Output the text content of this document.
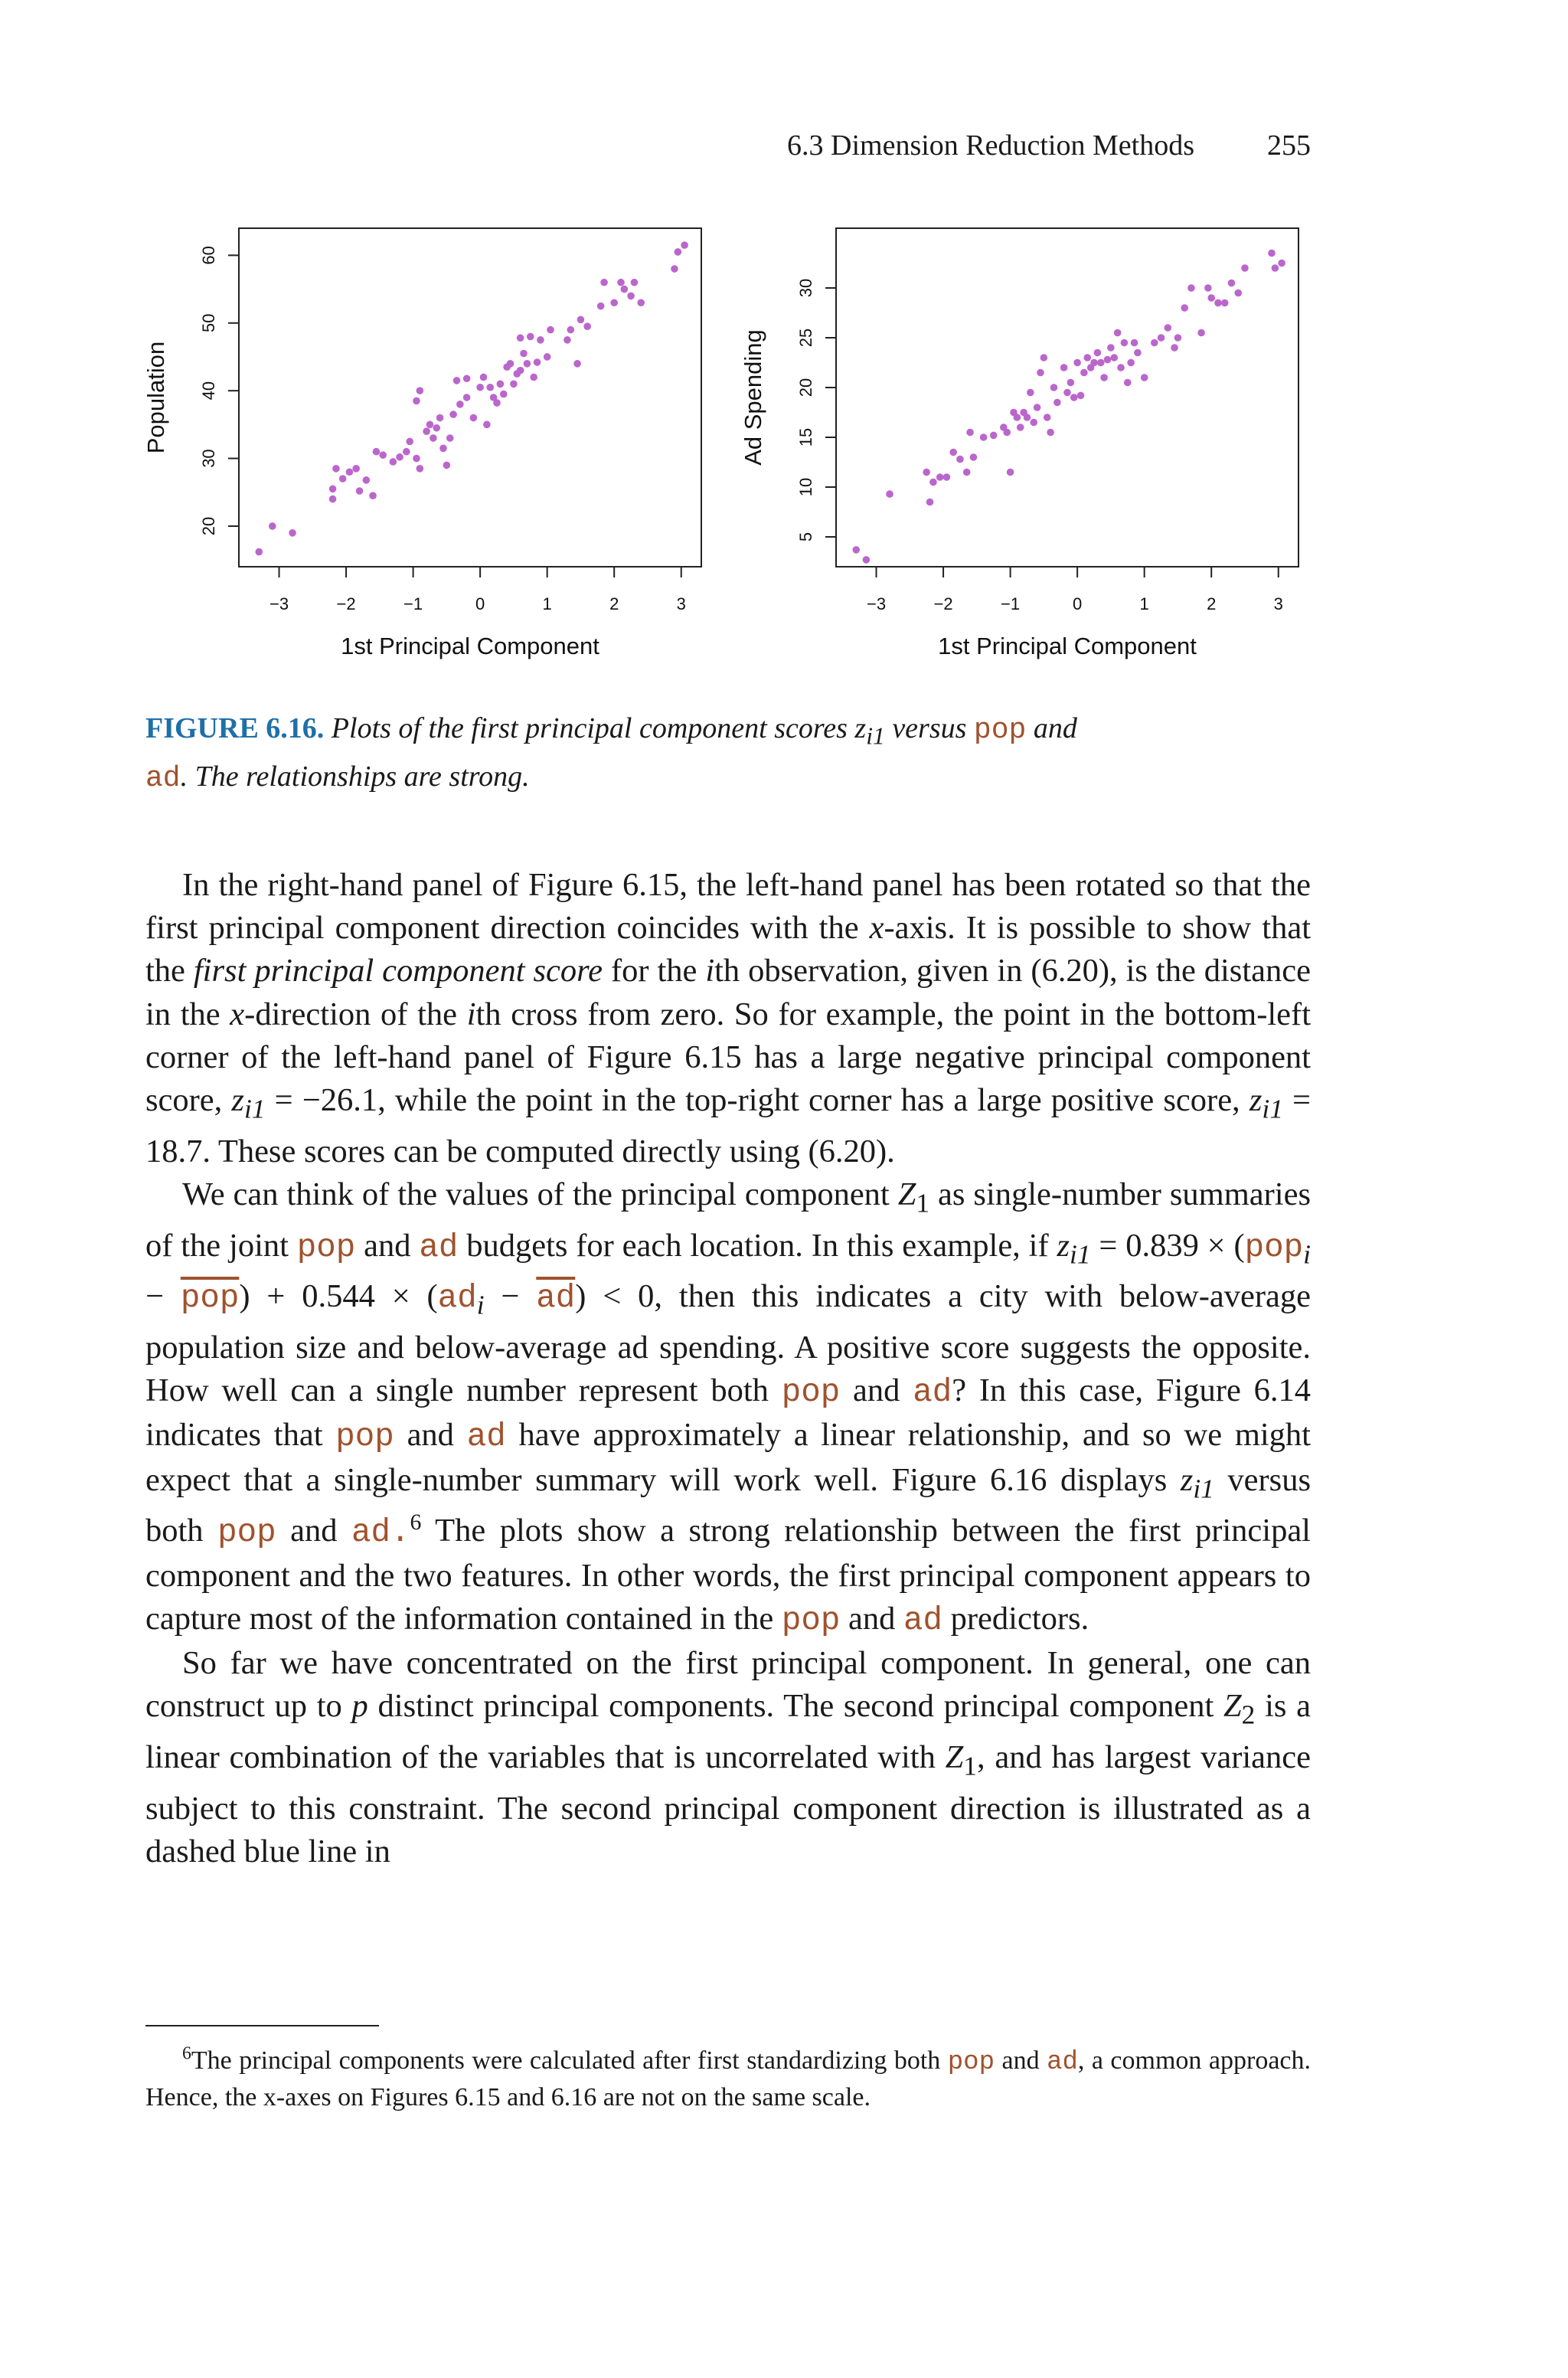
6.3 Dimension Reduction Methods	255
−3	−2	−1	0	1	2	3
20
30
40
50
60
1st Principal Component
Population
−3	−2	−1	0	1	2	3
5
10
15
20
25
30
1st Principal Component
Ad Spending
FIGURE 6.16. Plots of the first principal component scores $z_{i1}$ versus pop and
ad. The relationships are strong.

In the right-hand panel of Figure 6.15, the left-hand panel has been rotated so that the first principal component direction coincides with the x-axis. It is possible to show that the first principal component score for the ith observation, given in (6.20), is the distance in the x-direction of the ith cross from zero. So for example, the point in the bottom-left corner of the left-hand panel of Figure 6.15 has a large negative principal component score, $z_{i1} = -26.1$, while the point in the top-right corner has a large positive score, $z_{i1} = 18.7$. These scores can be computed directly using (6.20).

We can think of the values of the principal component $Z_1$ as single-number summaries of the joint pop and ad budgets for each location. In this example, if $z_{i1} = 0.839 \times (pop_i - \overline{pop}) + 0.544 \times (ad_i - \overline{ad}) < 0$, then this indicates a city with below-average population size and below-average ad spending. A positive score suggests the opposite. How well can a single number represent both pop and ad? In this case, Figure 6.14 indicates that pop and ad have approximately a linear relationship, and so we might expect that a single-number summary will work well. Figure 6.16 displays $z_{i1}$ versus both pop and ad.$^6$ The plots show a strong relationship between the first principal component and the two features. In other words, the first principal component appears to capture most of the information contained in the pop and ad predictors.

So far we have concentrated on the first principal component. In general, one can construct up to p distinct principal components. The second principal component $Z_2$ is a linear combination of the variables that is uncorrelated with $Z_1$, and has largest variance subject to this constraint. The second principal component direction is illustrated as a dashed blue line in

$^6$The principal components were calculated after first standardizing both pop and ad, a common approach. Hence, the x-axes on Figures 6.15 and 6.16 are not on the same scale.
